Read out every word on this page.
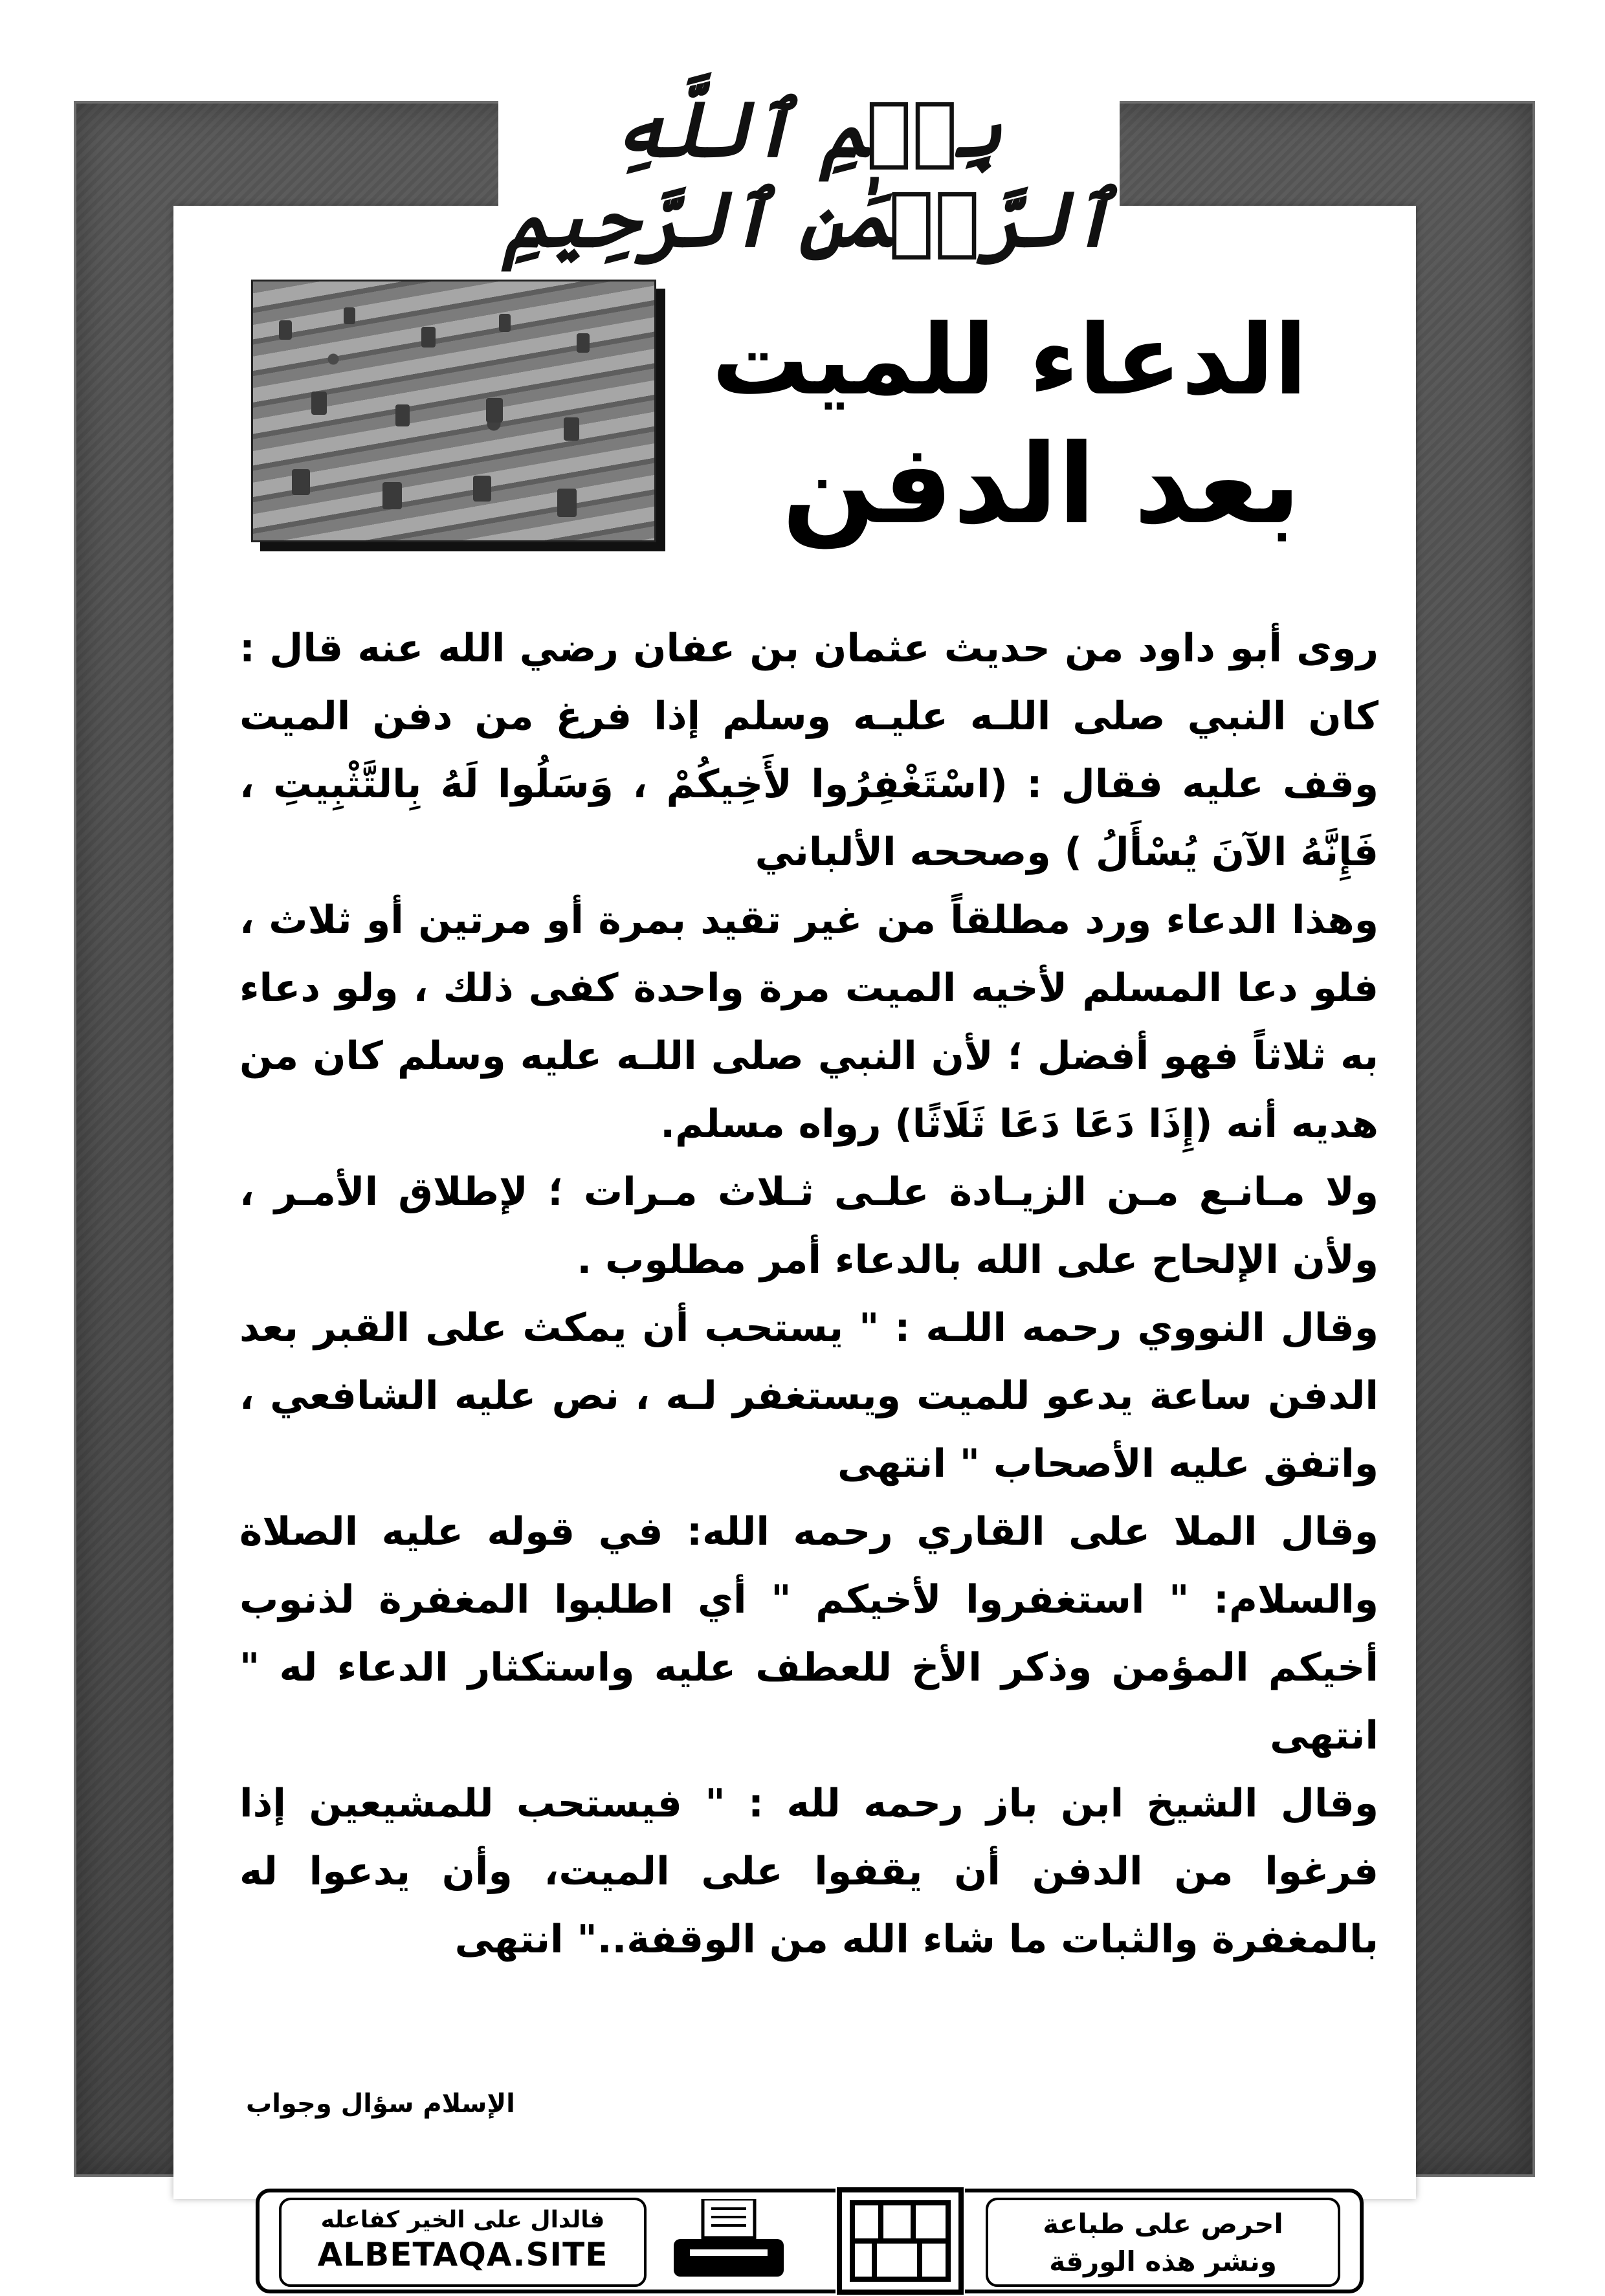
بِسۡمِ ٱللَّهِ ٱلرَّحۡمَٰنِ ٱلرَّحِيمِ
الدعاء للميت
بعد الدفن

روى أبو داود من حديث عثمان بن عفان رضي الله عنه قال : كان النبي صلى اللـه عليـه وسلم إذا فرغ من دفن الميت وقف عليه فقال : (اسْتَغْفِرُوا لأَخِيكُمْ ، وَسَلُوا لَهُ بِالتَّثْبِيتِ ، فَإِنَّهُ الآنَ يُسْأَلُ ) وصححه الألباني

وهذا الدعاء ورد مطلقاً من غير تقيد بمرة أو مرتين أو ثلاث ، فلو دعا المسلم لأخيه الميت مرة واحدة كفى ذلك ، ولو دعاء به ثلاثاً فهو أفضل ؛ لأن النبي صلى اللـه عليه وسلم كان من هديه أنه (إِذَا دَعَا دَعَا ثَلَاثًا) رواه مسلم.

ولا مـانـع مـن الزيـادة علـى ثـلاث مـرات ؛ لإطلاق الأمـر ، ولأن الإلحاح على الله بالدعاء أمر مطلوب .

وقال النووي رحمه اللـه : " يستحب أن يمكث على القبر بعد الدفن ساعة يدعو للميت ويستغفر لـه ، نص عليه الشافعي ، واتفق عليه الأصحاب " انتهى

وقال الملا على القاري رحمه الله: في قوله عليه الصلاة والسلام: " استغفروا لأخيكم " أي اطلبوا المغفرة لذنوب أخيكم المؤمن وذكر الأخ للعطف عليه واستكثار الدعاء له " انتهى

وقال الشيخ ابن باز رحمه لله : " فيستحب للمشيعين إذا فرغوا من الدفن أن يقفوا على الميت، وأن يدعوا له بالمغفرة والثبات ما شاء الله من الوقفة.." انتهى

الإسلام سؤال وجواب
فالدال على الخير كفاعله
ALBETAQA.SITE
احرص على طباعة
ونشر هذه الورقة
